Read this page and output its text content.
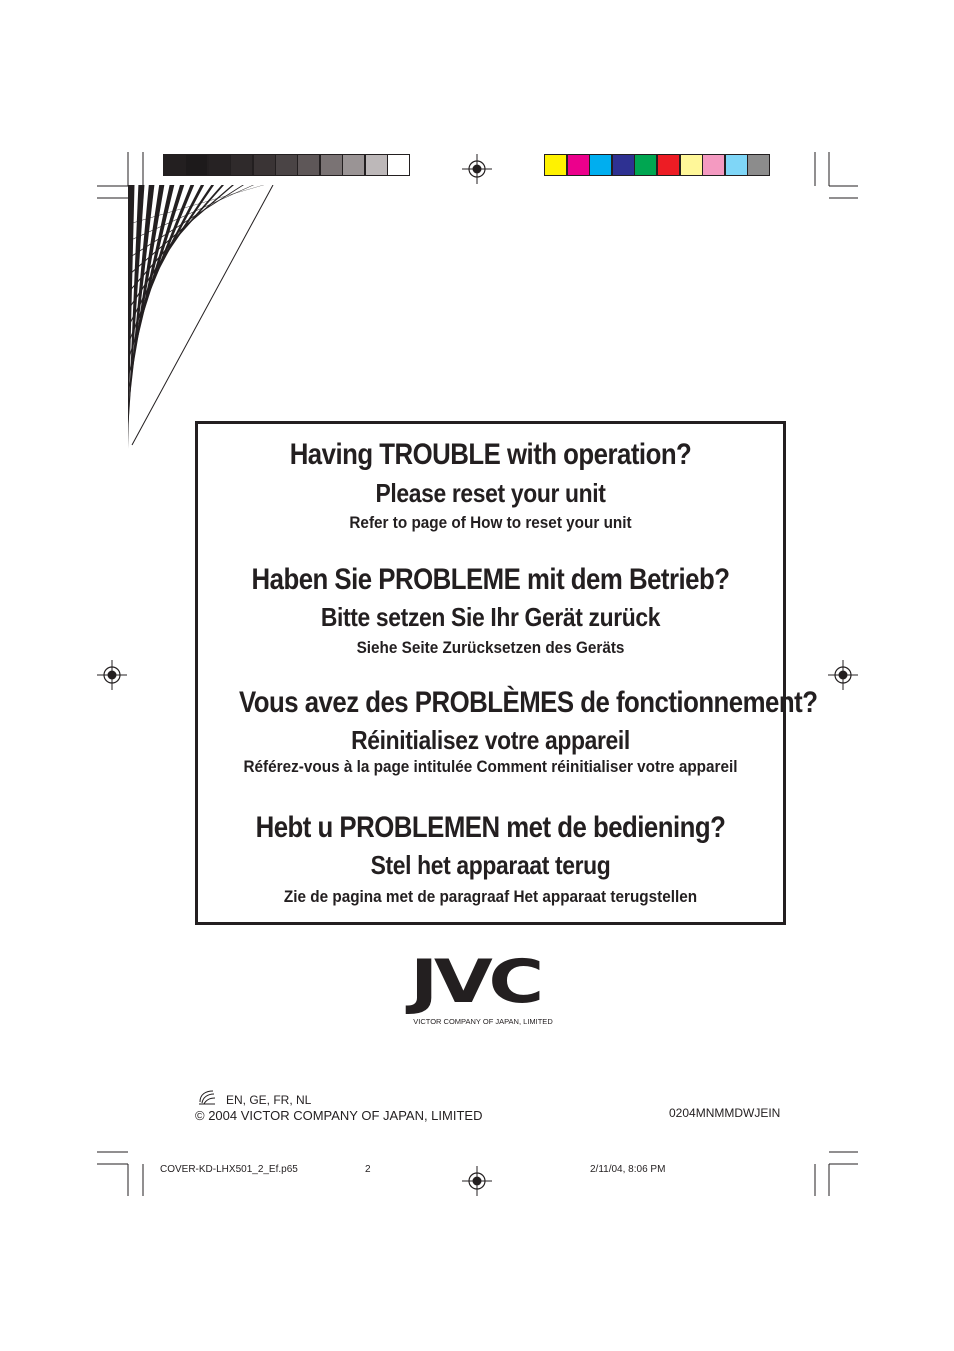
Having TROUBLE with operation?
Please reset your unit
Refer to page of How to reset your unit
Haben Sie PROBLEME mit dem Betrieb?
Bitte setzen Sie Ihr Gerät zurück
Siehe Seite Zurücksetzen des Geräts
Vous avez des PROBLÈMES de fonctionnement?
Réinitialisez votre appareil
Référez-vous à la page intitulée Comment réinitialiser votre appareil
Hebt u PROBLEMEN met de bediening?
Stel het apparaat terug
Zie de pagina met de paragraaf Het apparaat terugstellen
JVC
VICTOR COMPANY OF JAPAN, LIMITED
EN, GE, FR, NL
© 2004 VICTOR COMPANY OF JAPAN, LIMITED	0204MNMMDWJEIN
COVER-KD-LHX501_2_Ef.p65	2	2/11/04, 8:06 PM
